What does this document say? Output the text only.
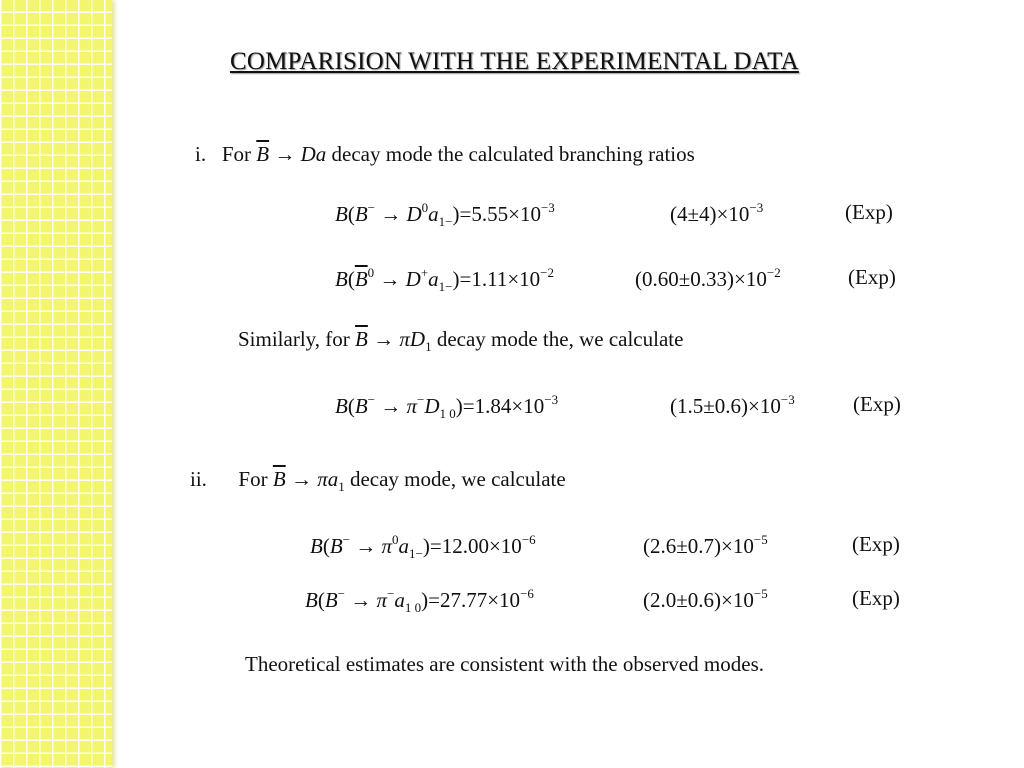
COMPARISION WITH THE EXPERIMENTAL DATA
i. For $\overline{B} \to Da$ decay mode the calculated branching ratios
Similarly, for $\overline{B} \to \pi D_1$ decay mode the, we calculate
ii. For $\overline{B} \to \pi a_1$ decay mode, we calculate
$B(B^- \to D^0a_{1-})=5.55\times 10^{-3}$	$(4\pm 4)\times 10^{-3}$	(Exp)
$B(\overline{B}^0 \to D^+a_{1-})=1.11\times 10^{-2}$	$(0.60\pm 0.33)\times 10^{-2}$	(Exp)
$B(B^- \to \pi^-D_{1 0})=1.84\times 10^{-3}$	$(1.5\pm 0.6)\times 10^{-3}$	(Exp)
$B(B^- \to \pi^0a_{1-})=12.00\times 10^{-6}$	$(2.6\pm 0.7)\times 10^{-5}$	(Exp)
$B(B^- \to \pi^-a_{1 0})=27.77\times 10^{-6}$	$(2.0\pm 0.6)\times 10^{-5}$	(Exp)
Theoretical estimates are consistent with the observed modes.
